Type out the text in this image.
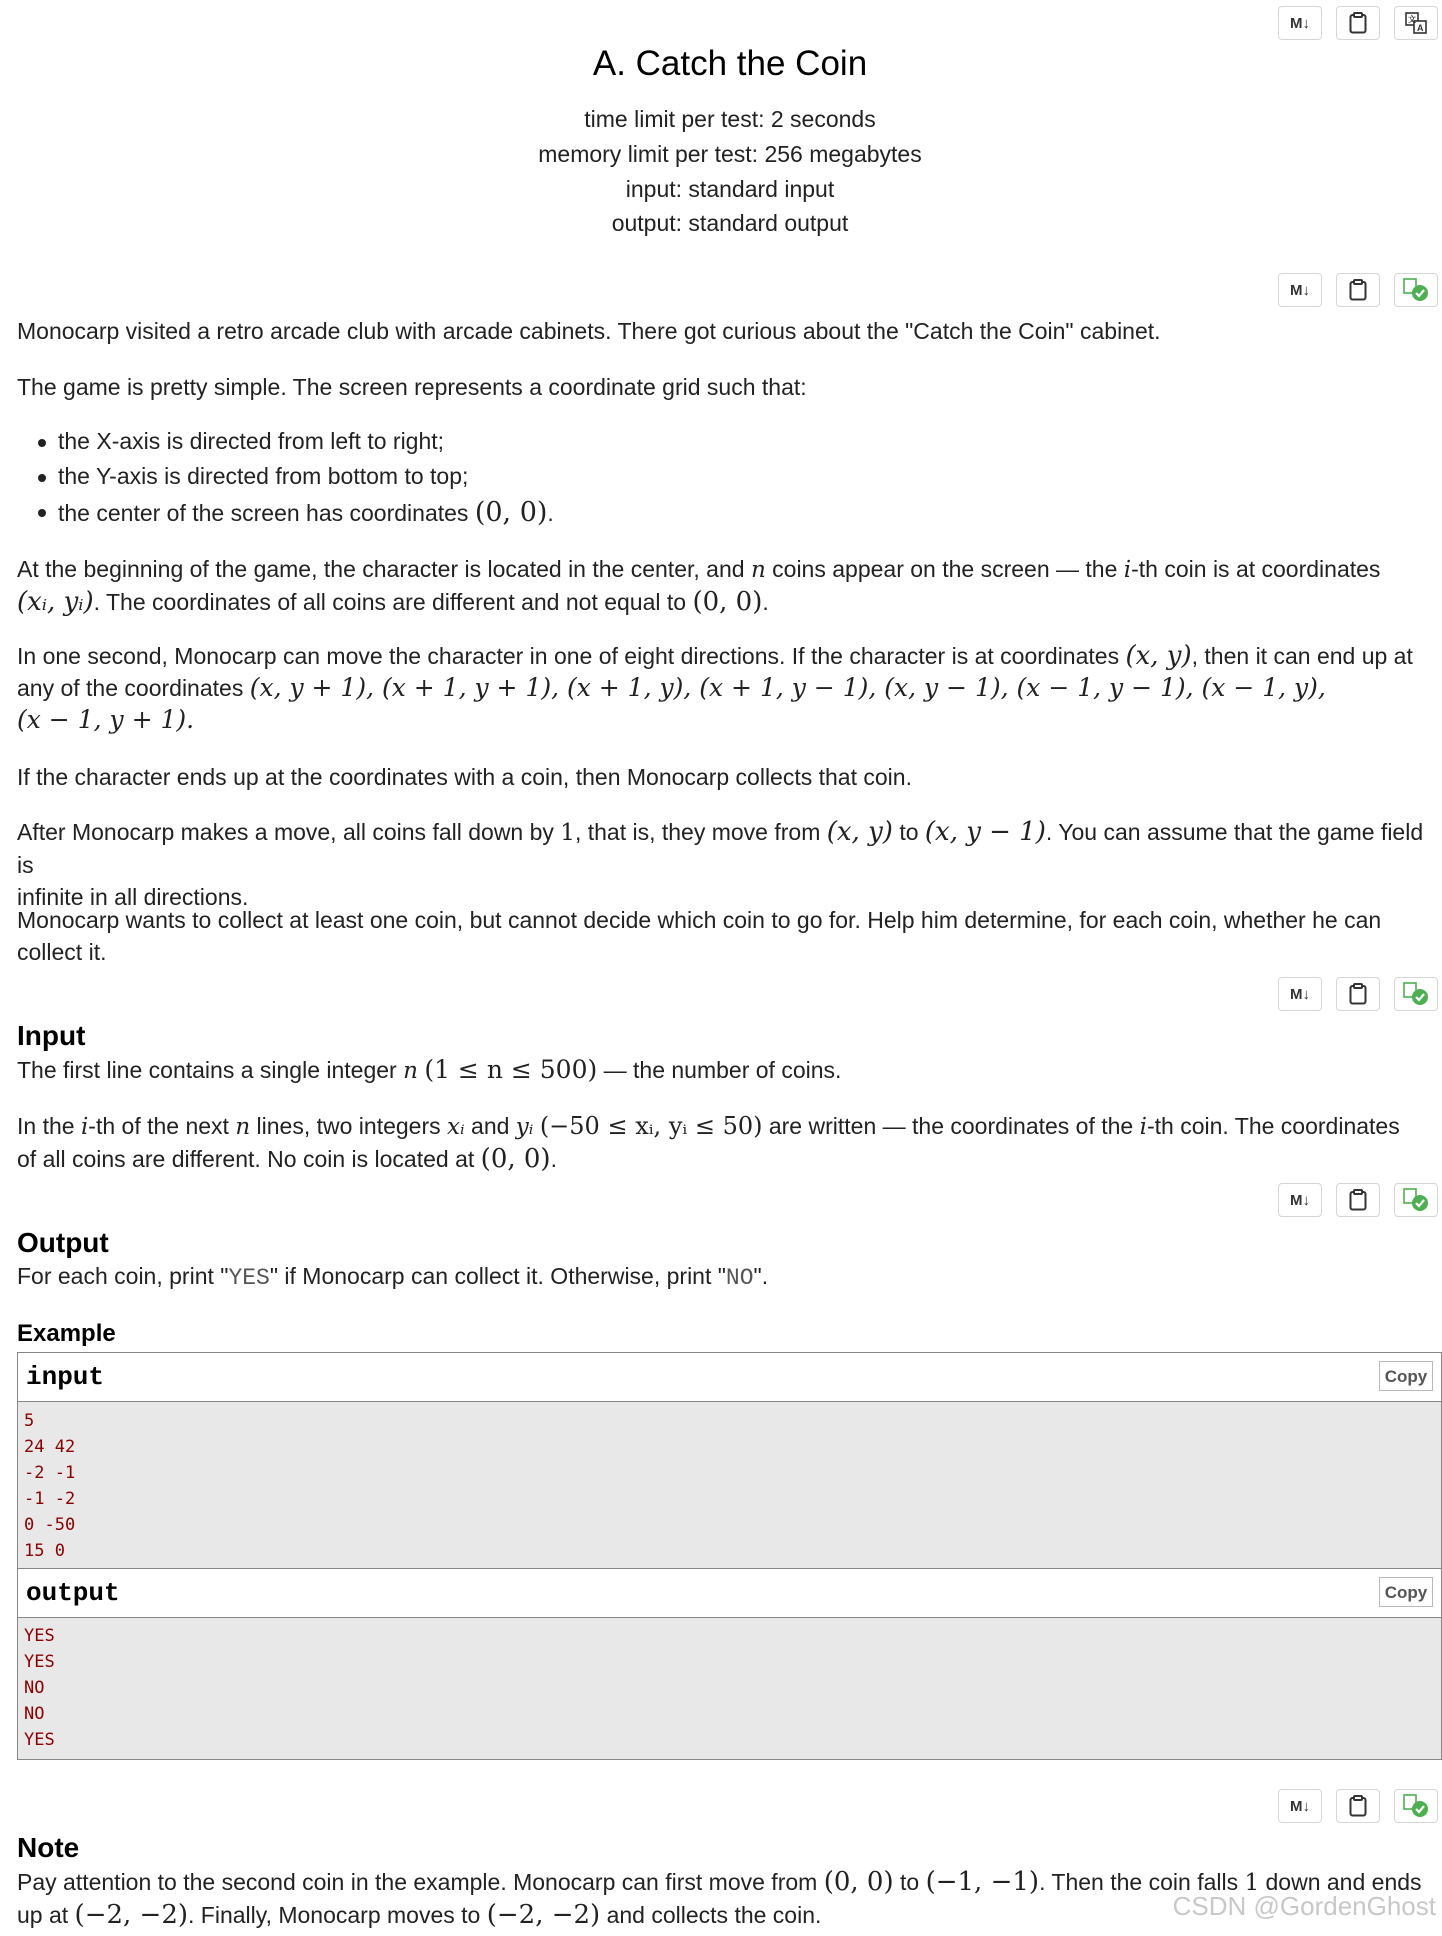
M↓	文
A
A. Catch the Coin
time limit per test: 2 seconds
memory limit per test: 256 megabytes
input: standard input
output: standard output
M↓
Monocarp visited a retro arcade club with arcade cabinets. There got curious about the "Catch the Coin" cabinet.
The game is pretty simple. The screen represents a coordinate grid such that:
the X-axis is directed from left to right;
the Y-axis is directed from bottom to top;
the center of the screen has coordinates (0, 0).
At the beginning of the game, the character is located in the center, and n coins appear on the screen — the i-th coin is at coordinates
(xᵢ, yᵢ). The coordinates of all coins are different and not equal to (0, 0).
In one second, Monocarp can move the character in one of eight directions. If the character is at coordinates (x, y), then it can end up at
any of the coordinates (x, y + 1), (x + 1, y + 1), (x + 1, y), (x + 1, y − 1), (x, y − 1), (x − 1, y − 1), (x − 1, y),
(x − 1, y + 1).
If the character ends up at the coordinates with a coin, then Monocarp collects that coin.
After Monocarp makes a move, all coins fall down by 1, that is, they move from (x, y) to (x, y − 1). You can assume that the game field is
infinite in all directions.
Monocarp wants to collect at least one coin, but cannot decide which coin to go for. Help him determine, for each coin, whether he can
collect it.
M↓
Input
The first line contains a single integer n (1 ≤ n ≤ 500) — the number of coins.
In the i-th of the next n lines, two integers xᵢ and yᵢ (−50 ≤ xᵢ, yᵢ ≤ 50) are written — the coordinates of the i-th coin. The coordinates
of all coins are different. No coin is located at (0, 0).
M↓
Output
For each coin, print "YES" if Monocarp can collect it. Otherwise, print "NO".
Example
input	Copy
5
24 42
-2 -1
-1 -2
0 -50
15 0
output	Copy
YES
YES
NO
NO
YES
M↓
Note
Pay attention to the second coin in the example. Monocarp can first move from (0, 0) to (−1, −1). Then the coin falls 1 down and ends
up at (−2, −2). Finally, Monocarp moves to (−2, −2) and collects the coin.	CSDN @GordenGhost
